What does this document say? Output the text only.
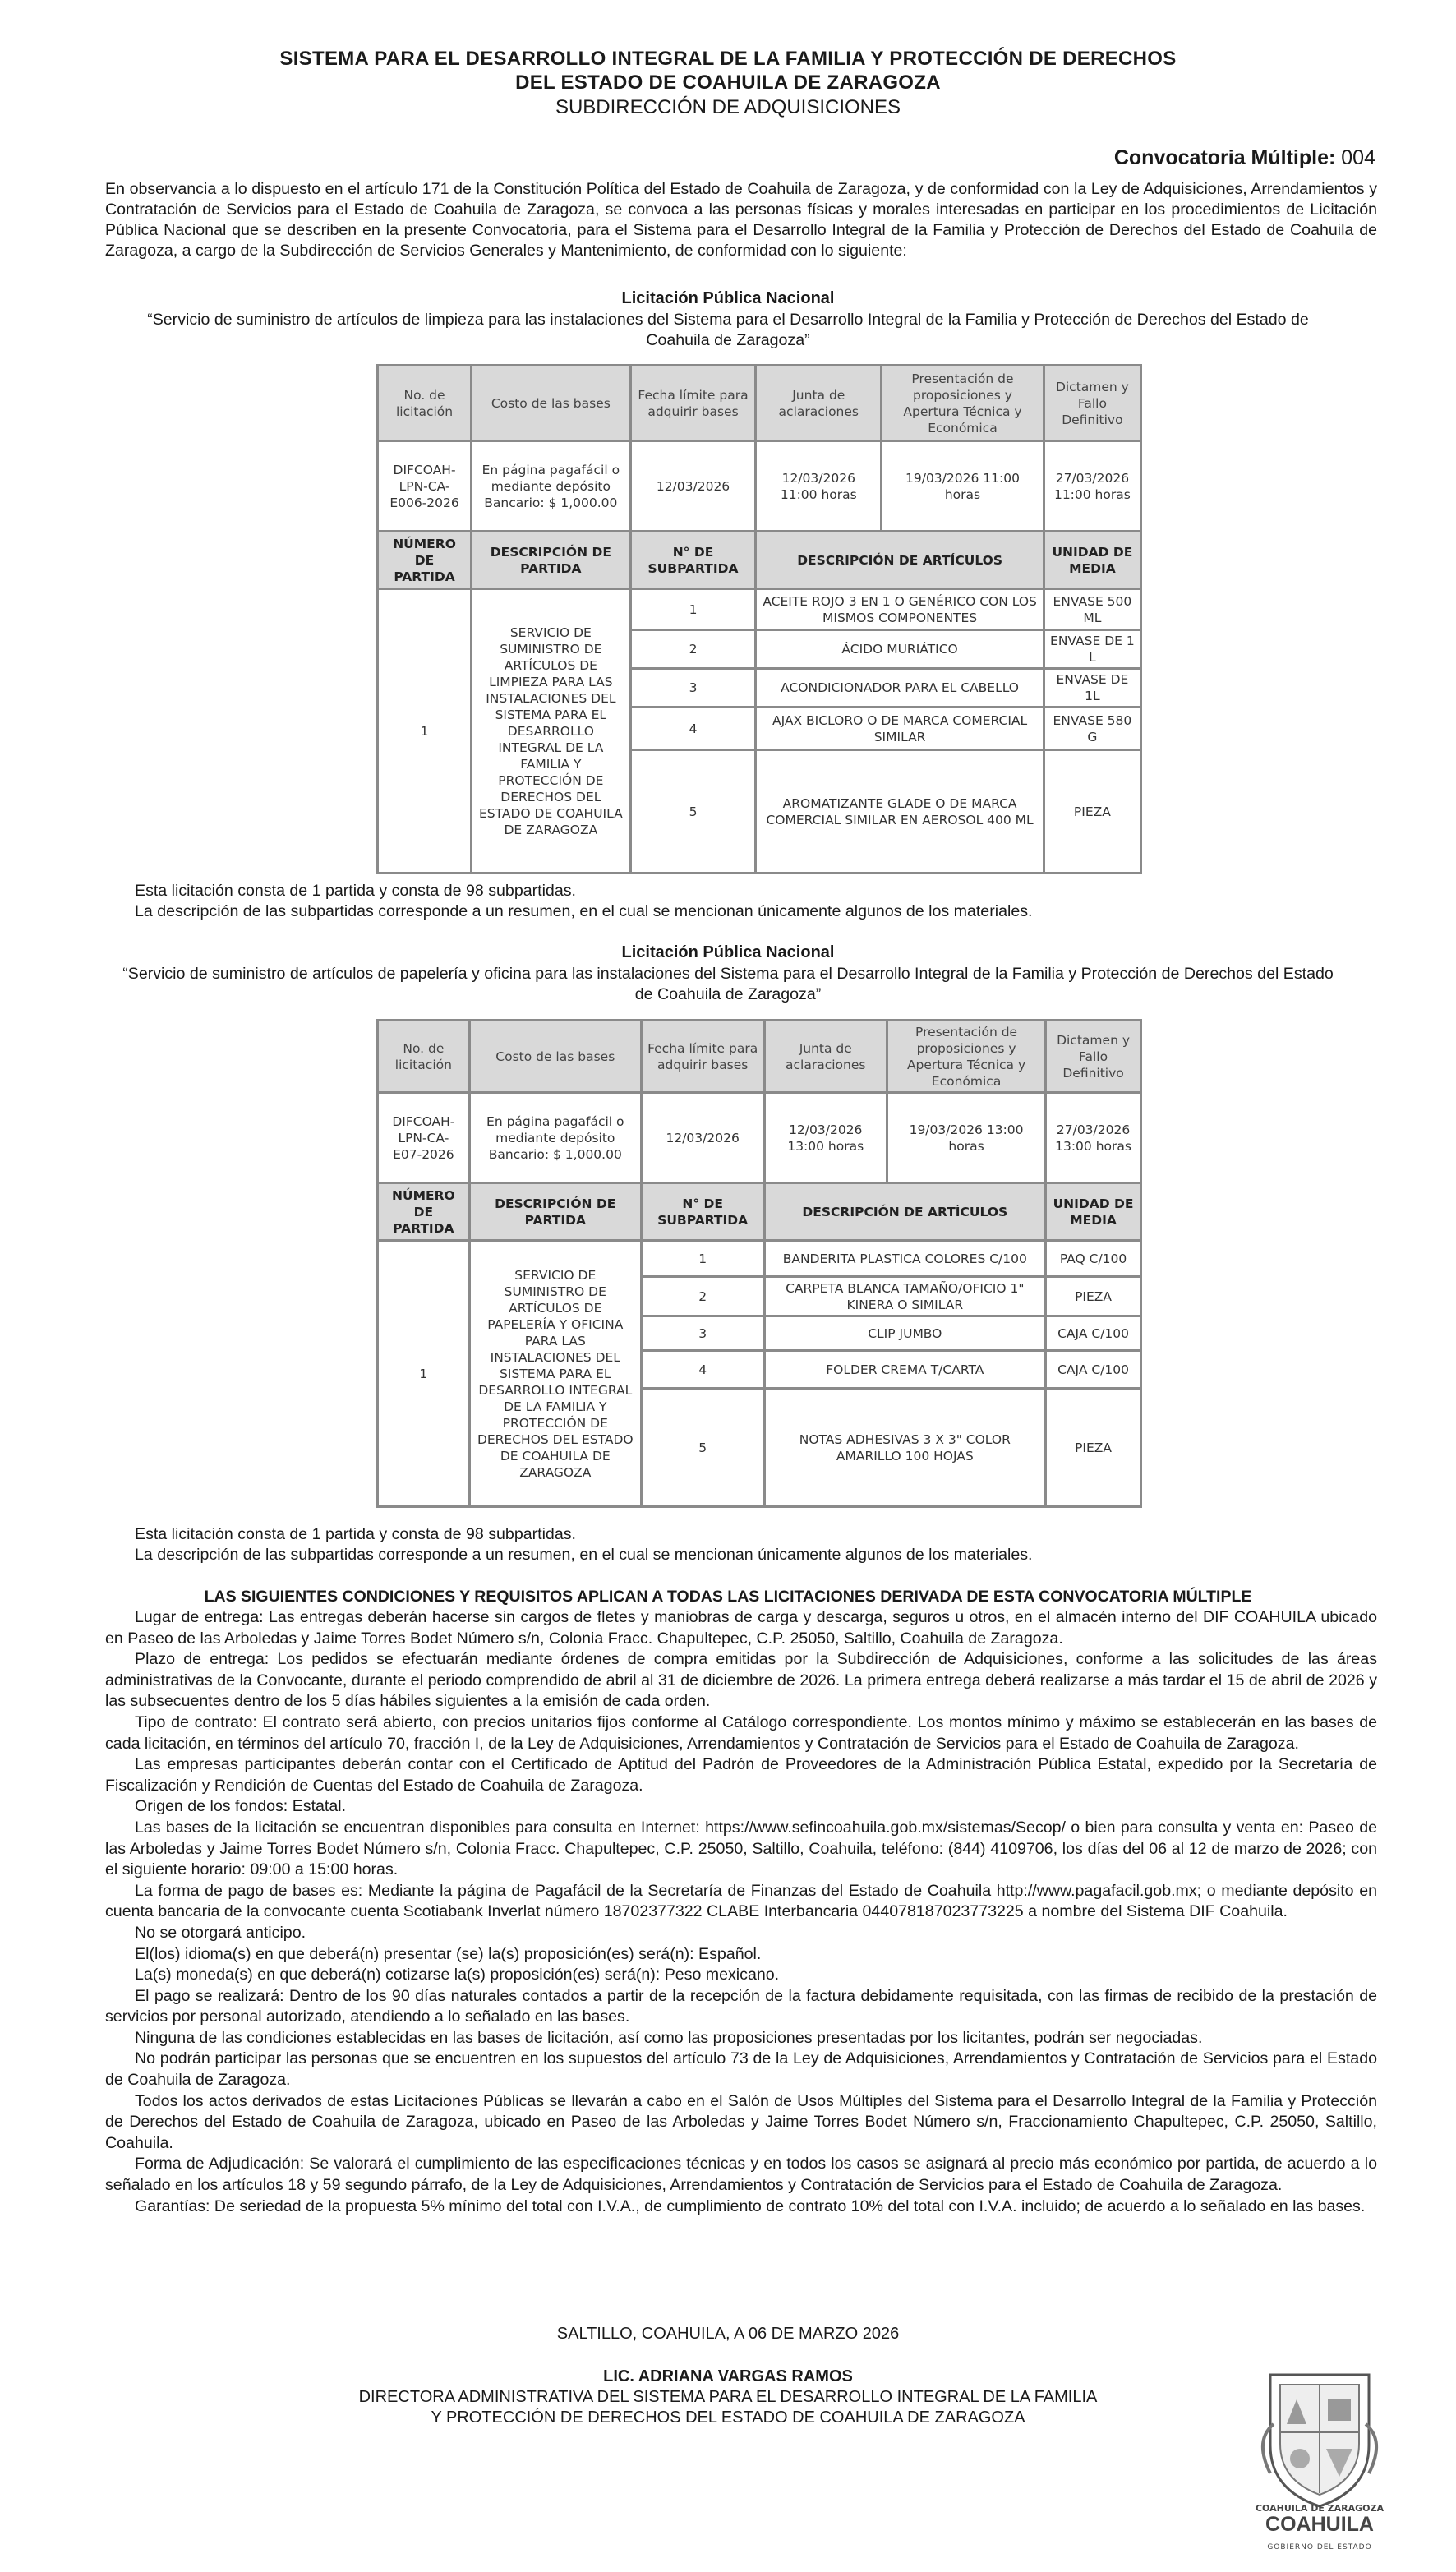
SISTEMA PARA EL DESARROLLO INTEGRAL DE LA FAMILIA Y PROTECCIÓN DE DERECHOS
DEL ESTADO DE COAHUILA DE ZARAGOZA
SUBDIRECCIÓN DE ADQUISICIONES
Convocatoria Múltiple: 004
En observancia a lo dispuesto en el artículo 171 de la Constitución Política del Estado de Coahuila de Zaragoza, y de conformidad con la Ley de Adquisiciones, Arrendamientos y Contratación de Servicios para el Estado de Coahuila de Zaragoza, se convoca a las personas físicas y morales interesadas en participar en los procedimientos de Licitación Pública Nacional que se describen en la presente Convocatoria, para el Sistema para el Desarrollo Integral de la Familia y Protección de Derechos del Estado de Coahuila de Zaragoza, a cargo de la Subdirección de Servicios Generales y Mantenimiento, de conformidad con lo siguiente:
Licitación Pública Nacional
“Servicio de suministro de artículos de limpieza para las instalaciones del Sistema para el Desarrollo Integral de la Familia y Protección de Derechos del Estado de Coahuila de Zaragoza”
No. de licitación	Costo de las bases	Fecha límite para adquirir bases	Junta de aclaraciones	Presentación de proposiciones y Apertura Técnica y Económica	Dictamen y Fallo Definitivo
DIFCOAH-LPN-CA-E006-2026	En página pagafácil o mediante depósito Bancario: $ 1,000.00	12/03/2026	12/03/2026 11:00 horas	19/03/2026 11:00 horas	27/03/2026 11:00 horas
NÚMERO DE PARTIDA	DESCRIPCIÓN DE PARTIDA	N° DE SUBPARTIDA	DESCRIPCIÓN DE ARTÍCULOS		UNIDAD DE MEDIA
1	SERVICIO DE SUMINISTRO DE ARTÍCULOS DE LIMPIEZA PARA LAS INSTALACIONES DEL SISTEMA PARA EL DESARROLLO INTEGRAL DE LA FAMILIA Y PROTECCIÓN DE DERECHOS DEL ESTADO DE COAHUILA DE ZARAGOZA	1	ACEITE ROJO 3 EN 1 O GENÉRICO CON LOS MISMOS COMPONENTES		ENVASE 500 ML
		2	ÁCIDO MURIÁTICO		ENVASE DE 1 L
		3	ACONDICIONADOR PARA EL CABELLO		ENVASE DE 1L
		4	AJAX BICLORO O DE MARCA COMERCIAL SIMILAR		ENVASE 580 G
		5	AROMATIZANTE GLADE O DE MARCA COMERCIAL SIMILAR EN AEROSOL 400 ML		PIEZA
Esta licitación consta de 1 partida y consta de 98 subpartidas.
La descripción de las subpartidas corresponde a un resumen, en el cual se mencionan únicamente algunos de los materiales.
Licitación Pública Nacional
“Servicio de suministro de artículos de papelería y oficina para las instalaciones del Sistema para el Desarrollo Integral de la Familia y Protección de Derechos del Estado de Coahuila de Zaragoza”
No. de licitación	Costo de las bases	Fecha límite para adquirir bases	Junta de aclaraciones	Presentación de proposiciones y Apertura Técnica y Económica	Dictamen y Fallo Definitivo
DIFCOAH-LPN-CA-E07-2026	En página pagafácil o mediante depósito Bancario: $ 1,000.00	12/03/2026	12/03/2026 13:00 horas	19/03/2026 13:00 horas	27/03/2026 13:00 horas
NÚMERO DE PARTIDA	DESCRIPCIÓN DE PARTIDA	N° DE SUBPARTIDA	DESCRIPCIÓN DE ARTÍCULOS		UNIDAD DE MEDIA
1	SERVICIO DE SUMINISTRO DE ARTÍCULOS DE PAPELERÍA Y OFICINA PARA LAS INSTALACIONES DEL SISTEMA PARA EL DESARROLLO INTEGRAL DE LA FAMILIA Y PROTECCIÓN DE DERECHOS DEL ESTADO DE COAHUILA DE ZARAGOZA	1	BANDERITA PLASTICA COLORES C/100		PAQ C/100
		2	CARPETA BLANCA TAMAÑO/OFICIO 1" KINERA O SIMILAR		PIEZA
		3	CLIP JUMBO		CAJA C/100
		4	FOLDER CREMA T/CARTA		CAJA C/100
		5	NOTAS ADHESIVAS 3 X 3" COLOR AMARILLO 100 HOJAS		PIEZA
Esta licitación consta de 1 partida y consta de 98 subpartidas.
La descripción de las subpartidas corresponde a un resumen, en el cual se mencionan únicamente algunos de los materiales.
LAS SIGUIENTES CONDICIONES Y REQUISITOS APLICAN A TODAS LAS LICITACIONES DERIVADA DE ESTA CONVOCATORIA MÚLTIPLE

Lugar de entrega: Las entregas deberán hacerse sin cargos de fletes y maniobras de carga y descarga, seguros u otros, en el almacén interno del DIF COAHUILA ubicado en Paseo de las Arboledas y Jaime Torres Bodet Número s/n, Colonia Fracc. Chapultepec, C.P. 25050, Saltillo, Coahuila de Zaragoza.

Plazo de entrega: Los pedidos se efectuarán mediante órdenes de compra emitidas por la Subdirección de Adquisiciones, conforme a las solicitudes de las áreas administrativas de la Convocante, durante el periodo comprendido de abril al 31 de diciembre de 2026. La primera entrega deberá realizarse a más tardar el 15 de abril de 2026 y las subsecuentes dentro de los 5 días hábiles siguientes a la emisión de cada orden.

Tipo de contrato: El contrato será abierto, con precios unitarios fijos conforme al Catálogo correspondiente. Los montos mínimo y máximo se establecerán en las bases de cada licitación, en términos del artículo 70, fracción I, de la Ley de Adquisiciones, Arrendamientos y Contratación de Servicios para el Estado de Coahuila de Zaragoza.

Las empresas participantes deberán contar con el Certificado de Aptitud del Padrón de Proveedores de la Administración Pública Estatal, expedido por la Secretaría de Fiscalización y Rendición de Cuentas del Estado de Coahuila de Zaragoza.

Origen de los fondos: Estatal.

Las bases de la licitación se encuentran disponibles para consulta en Internet: https://www.sefincoahuila.gob.mx/sistemas/Secop/ o bien para consulta y venta en: Paseo de las Arboledas y Jaime Torres Bodet Número s/n, Colonia Fracc. Chapultepec, C.P. 25050, Saltillo, Coahuila, teléfono: (844) 4109706, los días del 06 al 12 de marzo de 2026; con el siguiente horario: 09:00 a 15:00 horas.

La forma de pago de bases es: Mediante la página de Pagafácil de la Secretaría de Finanzas del Estado de Coahuila http://www.pagafacil.gob.mx; o mediante depósito en cuenta bancaria de la convocante cuenta Scotiabank Inverlat número 18702377322 CLABE Interbancaria 044078187023773225 a nombre del Sistema DIF Coahuila.

No se otorgará anticipo.

El(los) idioma(s) en que deberá(n) presentar (se) la(s) proposición(es) será(n): Español.

La(s) moneda(s) en que deberá(n) cotizarse la(s) proposición(es) será(n): Peso mexicano.

El pago se realizará: Dentro de los 90 días naturales contados a partir de la recepción de la factura debidamente requisitada, con las firmas de recibido de la prestación de servicios por personal autorizado, atendiendo a lo señalado en las bases.

Ninguna de las condiciones establecidas en las bases de licitación, así como las proposiciones presentadas por los licitantes, podrán ser negociadas.

No podrán participar las personas que se encuentren en los supuestos del artículo 73 de la Ley de Adquisiciones, Arrendamientos y Contratación de Servicios para el Estado de Coahuila de Zaragoza.

Todos los actos derivados de estas Licitaciones Públicas se llevarán a cabo en el Salón de Usos Múltiples del Sistema para el Desarrollo Integral de la Familia y Protección de Derechos del Estado de Coahuila de Zaragoza, ubicado en Paseo de las Arboledas y Jaime Torres Bodet Número s/n, Fraccionamiento Chapultepec, C.P. 25050, Saltillo, Coahuila.

Forma de Adjudicación: Se valorará el cumplimiento de las especificaciones técnicas y en todos los casos se asignará al precio más económico por partida, de acuerdo a lo señalado en los artículos 18 y 59 segundo párrafo, de la Ley de Adquisiciones, Arrendamientos y Contratación de Servicios para el Estado de Coahuila de Zaragoza.

Garantías: De seriedad de la propuesta 5% mínimo del total con I.V.A., de cumplimiento de contrato 10% del total con I.V.A. incluido; de acuerdo a lo señalado en las bases.

SALTILLO, COAHUILA, A 06 DE MARZO 2026
LIC. ADRIANA VARGAS RAMOS
DIRECTORA ADMINISTRATIVA DEL SISTEMA PARA EL DESARROLLO INTEGRAL DE LA FAMILIA
Y PROTECCIÓN DE DERECHOS DEL ESTADO DE COAHUILA DE ZARAGOZA
COAHUILA DE ZARAGOZA
COAHUILA
GOBIERNO DEL ESTADO
